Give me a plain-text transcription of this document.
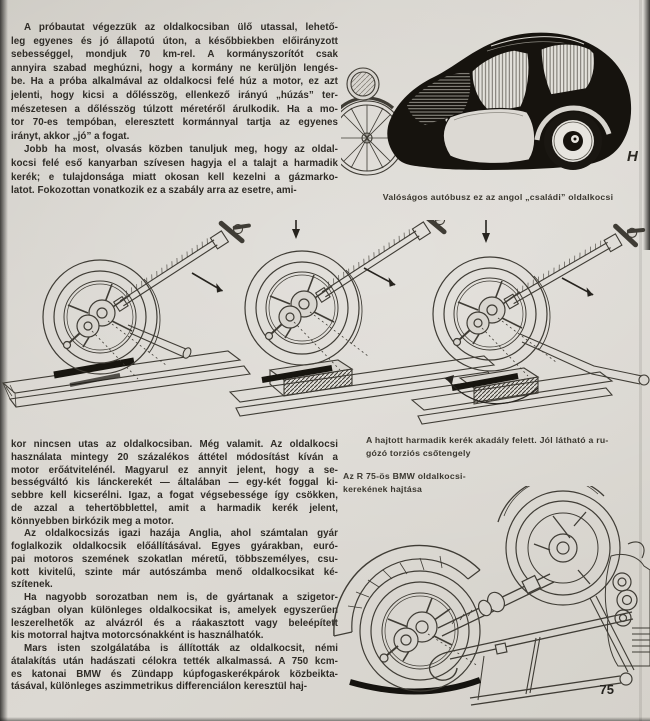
A próbautat végezzük az oldalkocsiban ülő utassal, lehető-
leg egyenes és jó állapotú úton, a későbbiekben előirányzott
sebességgel, mondjuk 70 km-rel. A kormányszorítót csak
annyira szabad meghúzni, hogy a kormány ne kerüljön lengés-
be. Ha a próba alkalmával az oldalkocsi felé húz a motor, ez azt
jelenti, hogy kicsi a dőlésszög, ellenkező irányú „húzás” ter-
mészetesen a dőlésszög túlzott méretéről árulkodik. Ha a mo-
tor 70-es tempóban, eleresztett kormánnyal tartja az egyenes
irányt, akkor „jó” a fogat.
Jobb ha most, olvasás közben tanuljuk meg, hogy az oldal-
kocsi felé eső kanyarban szívesen hagyja el a talajt a harmadik
kerék; e tulajdonsága miatt okosan kell kezelni a gázmarko-
latot. Fokozottan vonatkozik ez a szabály arra az esetre, ami-
kor nincsen utas az oldalkocsiban. Még valamit. Az oldalkocsi
használata mintegy 20 százalékos áttétel módosítást kíván a
motor erőátvitelénél. Magyarul ez annyit jelent, hogy a se-
bességváltó kis lánckerekét — általában — egy-két foggal ki-
sebbre kell kicserélni. Igaz, a fogat végsebessége így csökken,
de azzal a tehertöbblettel, amit a harmadik kerék jelent,
könnyebben birkózik meg a motor.
Az oldalkocsizás igazi hazája Anglia, ahol számtalan gyár
foglalkozik oldalkocsik előállításával. Egyes gyárakban, euró-
pai motoros szemének szokatlan méretű, többszemélyes, csu-
kott kivitelű, szinte már autószámba menő oldalkocsikat ké-
szítenek.
Ha nagyobb sorozatban nem is, de gyártanak a szigetor-
szágban olyan különleges oldalkocsikat is, amelyek egyszerűen
leszerelhetők az alvázról és a ráakasztott vagy beleépített
kis motorral hajtva motorcsónakként is használhatók.
Mars isten szolgálatába is állították az oldalkocsit, némi
átalakítás után hadászati célokra tették alkalmassá. A 750 kcm-
es katonai BMW és Zündapp kúpfogaskerékpárok közbeikta-
tásával, különleges aszimmetrikus differenciálon keresztül haj-
H
Valóságos autóbusz ez az angol „családi” oldalkocsi
A hajtott harmadik kerék akadály felett. Jól látható a ru-
gózó torziós csőtengely
Az R 75-ös BMW oldalkocsi-
kerekének hajtása
75
